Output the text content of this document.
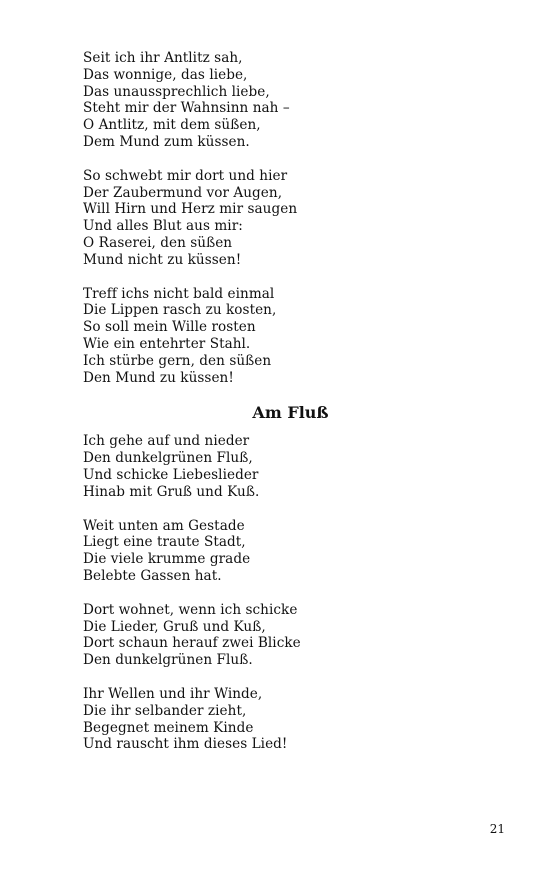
Seit ich ihr Antlitz sah,
Das wonnige, das liebe,
Das unaussprechlich liebe,
Steht mir der Wahnsinn nah –
O Antlitz, mit dem süßen,
Dem Mund zum küssen.
So schwebt mir dort und hier
Der Zaubermund vor Augen,
Will Hirn und Herz mir saugen
Und alles Blut aus mir:
O Raserei, den süßen
Mund nicht zu küssen!
Treff ichs nicht bald einmal
Die Lippen rasch zu kosten,
So soll mein Wille rosten
Wie ein entehrter Stahl.
Ich stürbe gern, den süßen
Den Mund zu küssen!
Am Fluß
Ich gehe auf und nieder
Den dunkelgrünen Fluß,
Und schicke Liebeslieder
Hinab mit Gruß und Kuß.
Weit unten am Gestade
Liegt eine traute Stadt,
Die viele krumme grade
Belebte Gassen hat.
Dort wohnet, wenn ich schicke
Die Lieder, Gruß und Kuß,
Dort schaun herauf zwei Blicke
Den dunkelgrünen Fluß.
Ihr Wellen und ihr Winde,
Die ihr selbander zieht,
Begegnet meinem Kinde
Und rauscht ihm dieses Lied!
21
